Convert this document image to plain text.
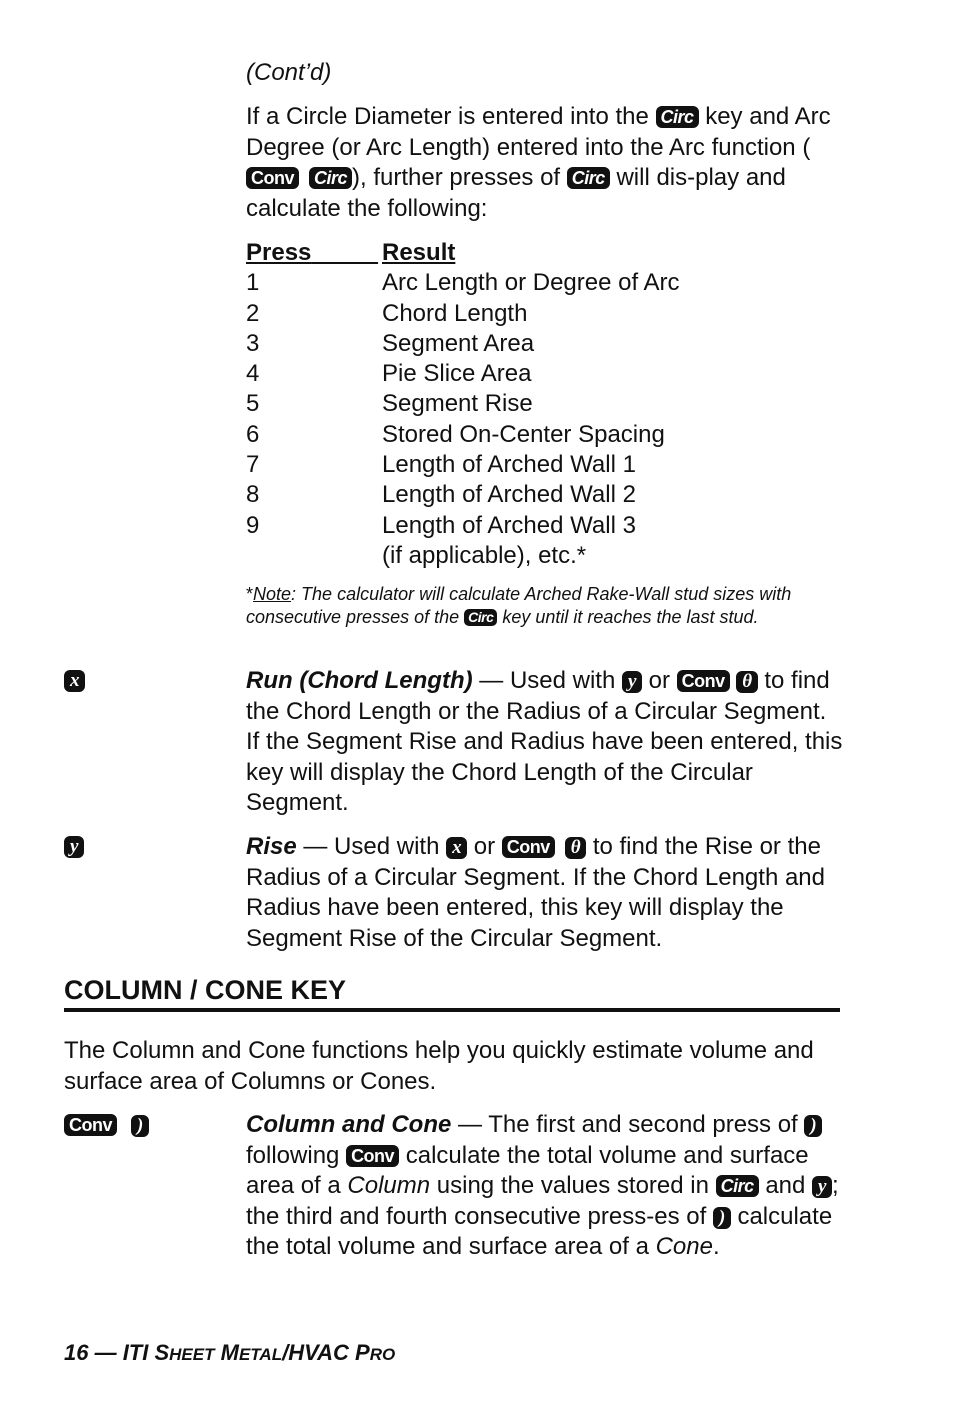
(Cont’d)

If a Circle Diameter is entered into the Circ key and Arc Degree (or Arc Length) entered into the Arc function (Conv Circ ), further presses of Circ will dis-play and calculate the following:

Press	Result
1	Arc Length or Degree of Arc
2	Chord Length
3	Segment Area
4	Pie Slice Area
5	Segment Rise
6	Stored On-Center Spacing
7	Length of Arched Wall 1
8	Length of Arched Wall 2
9	Length of Arched Wall 3

(if applicable), etc.*
*Note: The calculator will calculate Arched Rake-Wall stud sizes with consecutive presses of the Circ key until it reaches the last stud.
x	Run (Chord Length) — Used with y or Conv θ to find the Chord Length or the Radius of a Circular Segment. If the Segment Rise and Radius have been entered, this key will display the Chord Length of the Circular Segment.

y	Rise — Used with x or Conv θ to find the Rise or the Radius of a Circular Segment. If the Chord Length and Radius have been entered, this key will display the Segment Rise of the Circular Segment.

COLUMN / CONE KEY

The Column and Cone functions help you quickly estimate volume and surface area of Columns or Cones.

Conv )	Column and Cone — The first and second press of ) following Conv calculate the total volume and surface area of a Column using the values stored in Circ and y ; the third and fourth consecutive press-es of ) calculate the total volume and surface area of a Cone.

16 — ITI SHEET METAL/HVAC PRO
